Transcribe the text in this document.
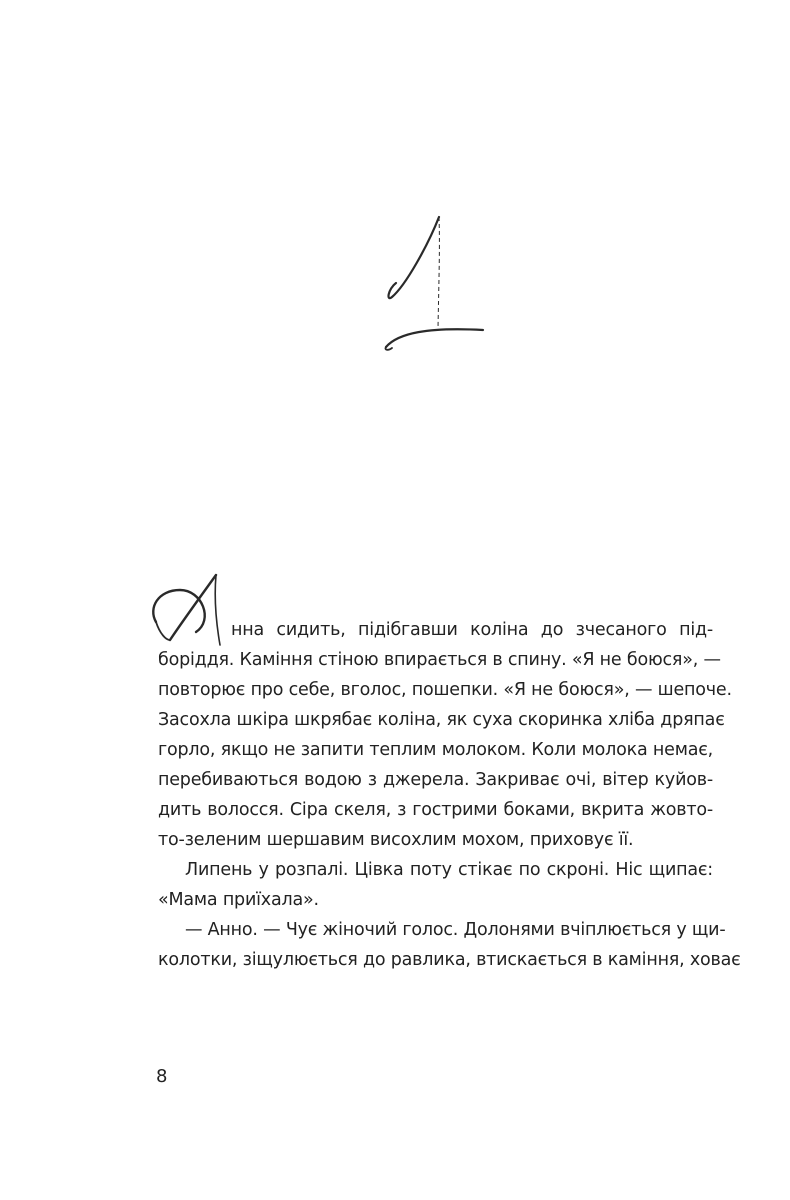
нна сидить, підібгавши коліна до зчесаного під-
боріддя. Каміння стіною впирається в спину. «Я не боюся», —
повторює про себе, вголос, пошепки. «Я не боюся», — шепоче.
Засохла шкіра шкрябає коліна, як суха скоринка хліба дряпає
горло, якщо не запити теплим молоком. Коли молока немає,
перебиваються водою з джерела. Закриває очі, вітер куйов-
дить волосся. Сіра скеля, з гострими боками, вкрита жовто-
то-зеленим шершавим висохлим мохом, приховує її.
Липень у розпалі. Цівка поту стікає по скроні. Ніс щипає:
«Мама приїхала».
— Анно. — Чує жіночий голос. Долонями вчіплюється у щи-
колотки, зіщулюється до равлика, втискається в каміння, ховає
8
